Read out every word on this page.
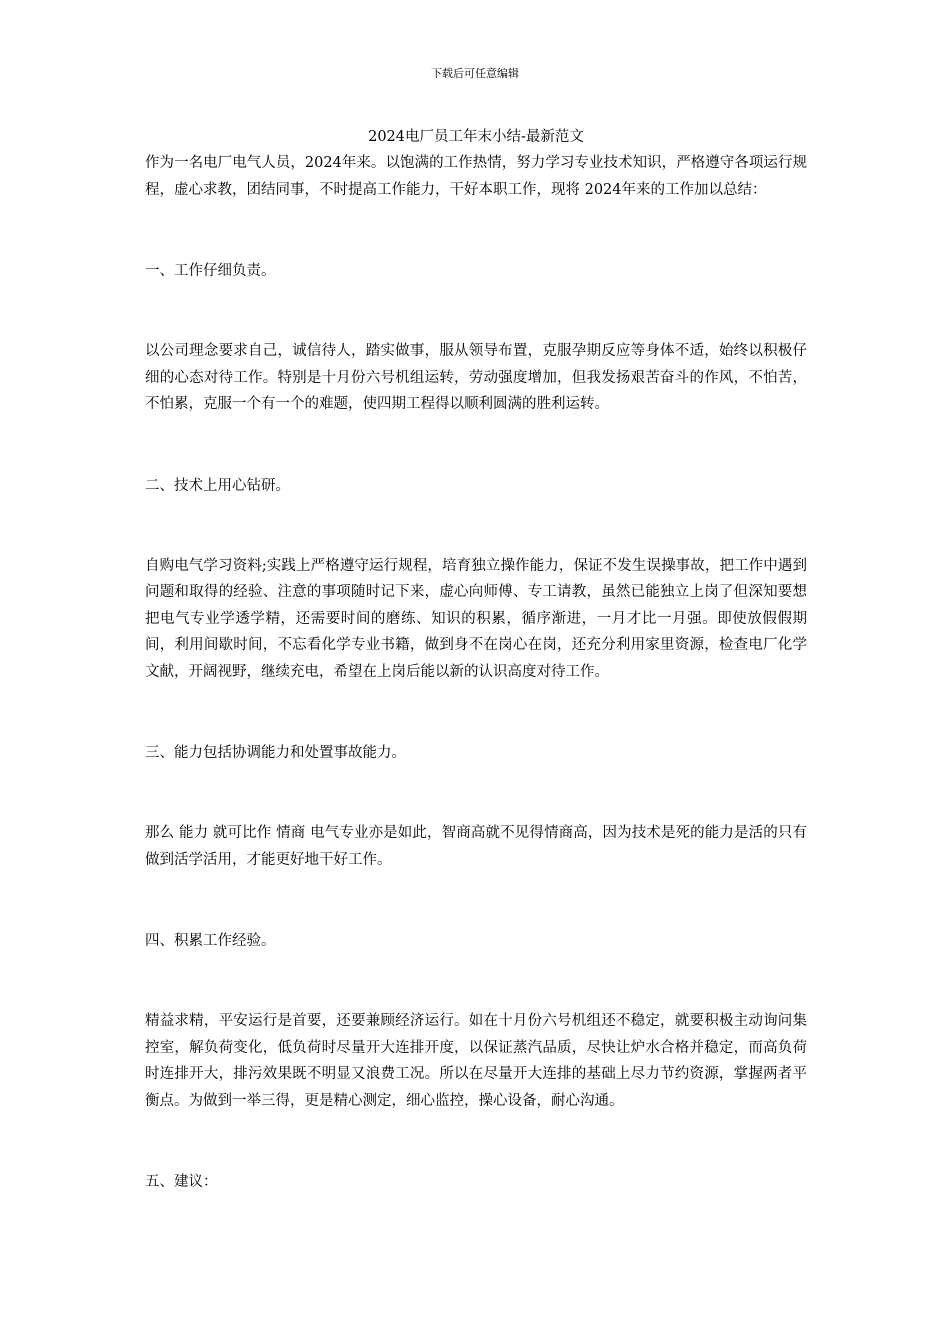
下载后可任意编辑
2024电厂员工年末小结-最新范文

作为一名电厂电气人员，2024年来。以饱满的工作热情，努力学习专业技术知识，严格遵守各项运行规程，虚心求教，团结同事，不时提高工作能力，干好本职工作，现将 2024年来的工作加以总结：

一、工作仔细负责。

以公司理念要求自己，诚信待人，踏实做事，服从领导布置，克服孕期反应等身体不适，始终以积极仔细的心态对待工作。特别是十月份六号机组运转，劳动强度增加，但我发扬艰苦奋斗的作风，不怕苦，不怕累，克服一个有一个的难题，使四期工程得以顺利圆满的胜利运转。

二、技术上用心钻研。

自购电气学习资料;实践上严格遵守运行规程，培育独立操作能力，保证不发生误操事故，把工作中遇到问题和取得的经验、注意的事项随时记下来，虚心向师傅、专工请教，虽然已能独立上岗了但深知要想把电气专业学透学精，还需要时间的磨练、知识的积累，循序渐进，一月才比一月强。即使放假假期间，利用间歇时间，不忘看化学专业书籍，做到身不在岗心在岗，还充分利用家里资源，检查电厂化学文献，开阔视野，继续充电，希望在上岗后能以新的认识高度对待工作。

三、能力包括协调能力和处置事故能力。

那么 能力 就可比作 情商 电气专业亦是如此，智商高就不见得情商高，因为技术是死的能力是活的只有做到活学活用，才能更好地干好工作。

四、积累工作经验。

精益求精，平安运行是首要，还要兼顾经济运行。如在十月份六号机组还不稳定，就要积极主动询问集控室，解负荷变化，低负荷时尽量开大连排开度，以保证蒸汽品质，尽快让炉水合格并稳定，而高负荷时连排开大，排污效果既不明显又浪费工况。所以在尽量开大连排的基础上尽力节约资源，掌握两者平衡点。为做到一举三得，更是精心测定，细心监控，操心设备，耐心沟通。

五、建议：
